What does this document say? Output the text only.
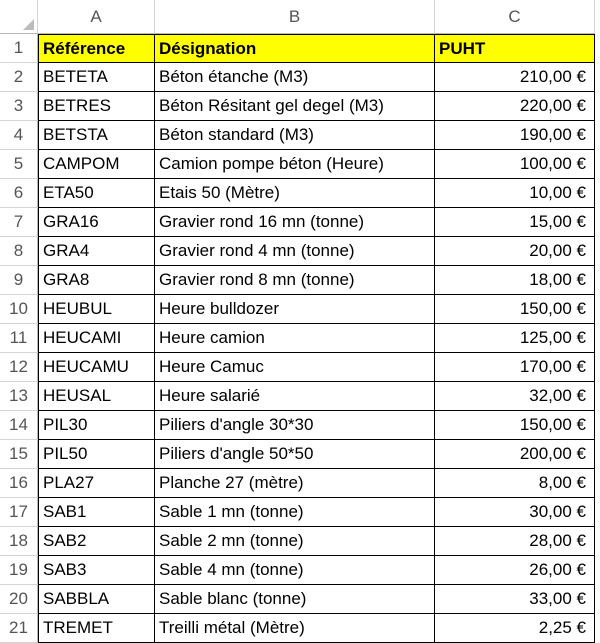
A	B	C
1	Référence	Désignation	PUHT
2	BETETA	Béton étanche (M3)	210,00 €
3	BETRES	Béton Résitant gel degel (M3)	220,00 €
4	BETSTA	Béton standard (M3)	190,00 €
5	CAMPOM	Camion pompe béton (Heure)	100,00 €
6	ETA50	Etais 50 (Mètre)	10,00 €
7	GRA16	Gravier rond 16 mn (tonne)	15,00 €
8	GRA4	Gravier rond 4 mn (tonne)	20,00 €
9	GRA8	Gravier rond 8 mn (tonne)	18,00 €
10 HEUBUL	Heure bulldozer	150,00 €
11 HEUCAMI	Heure camion	125,00 €
12 HEUCAMU	Heure Camuc	170,00 €
13 HEUSAL	Heure salarié	32,00 €
14 PIL30	Piliers d'angle 30*30	150,00 €
15 PIL50	Piliers d'angle 50*50	200,00 €
16 PLA27	Planche 27 (mètre)	8,00 €
17 SAB1	Sable 1 mn (tonne)	30,00 €
18 SAB2	Sable 2 mn (tonne)	28,00 €
19 SAB3	Sable 4 mn (tonne)	26,00 €
20 SABBLA	Sable blanc (tonne)	33,00 €
21 TREMET	Treilli métal (Mètre)	2,25 €
